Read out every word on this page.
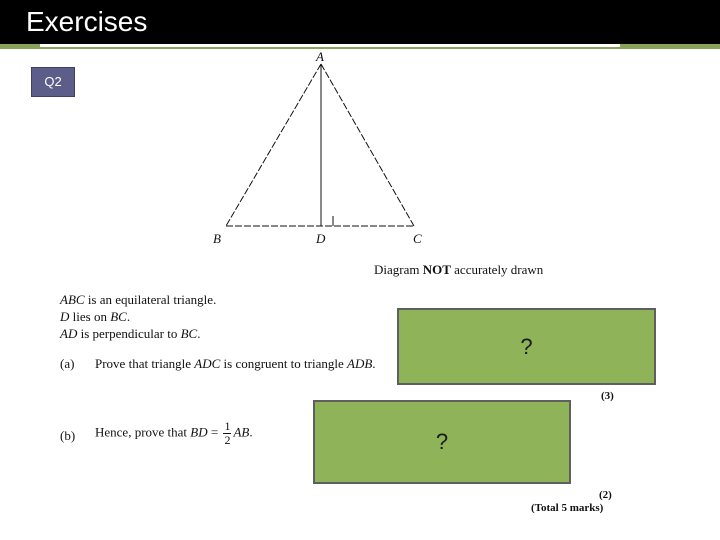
Exercises
Q2
A
B	D	C
Diagram NOT accurately drawn
ABC is an equilateral triangle.
D lies on BC.
AD is perpendicular to BC.
(a) Prove that triangle ADC is congruent to triangle ADB.
(3)
(b) Hence, prove that BD = $\frac{1}{2}$ AB.
(2)
(Total 5 marks)
?
?
